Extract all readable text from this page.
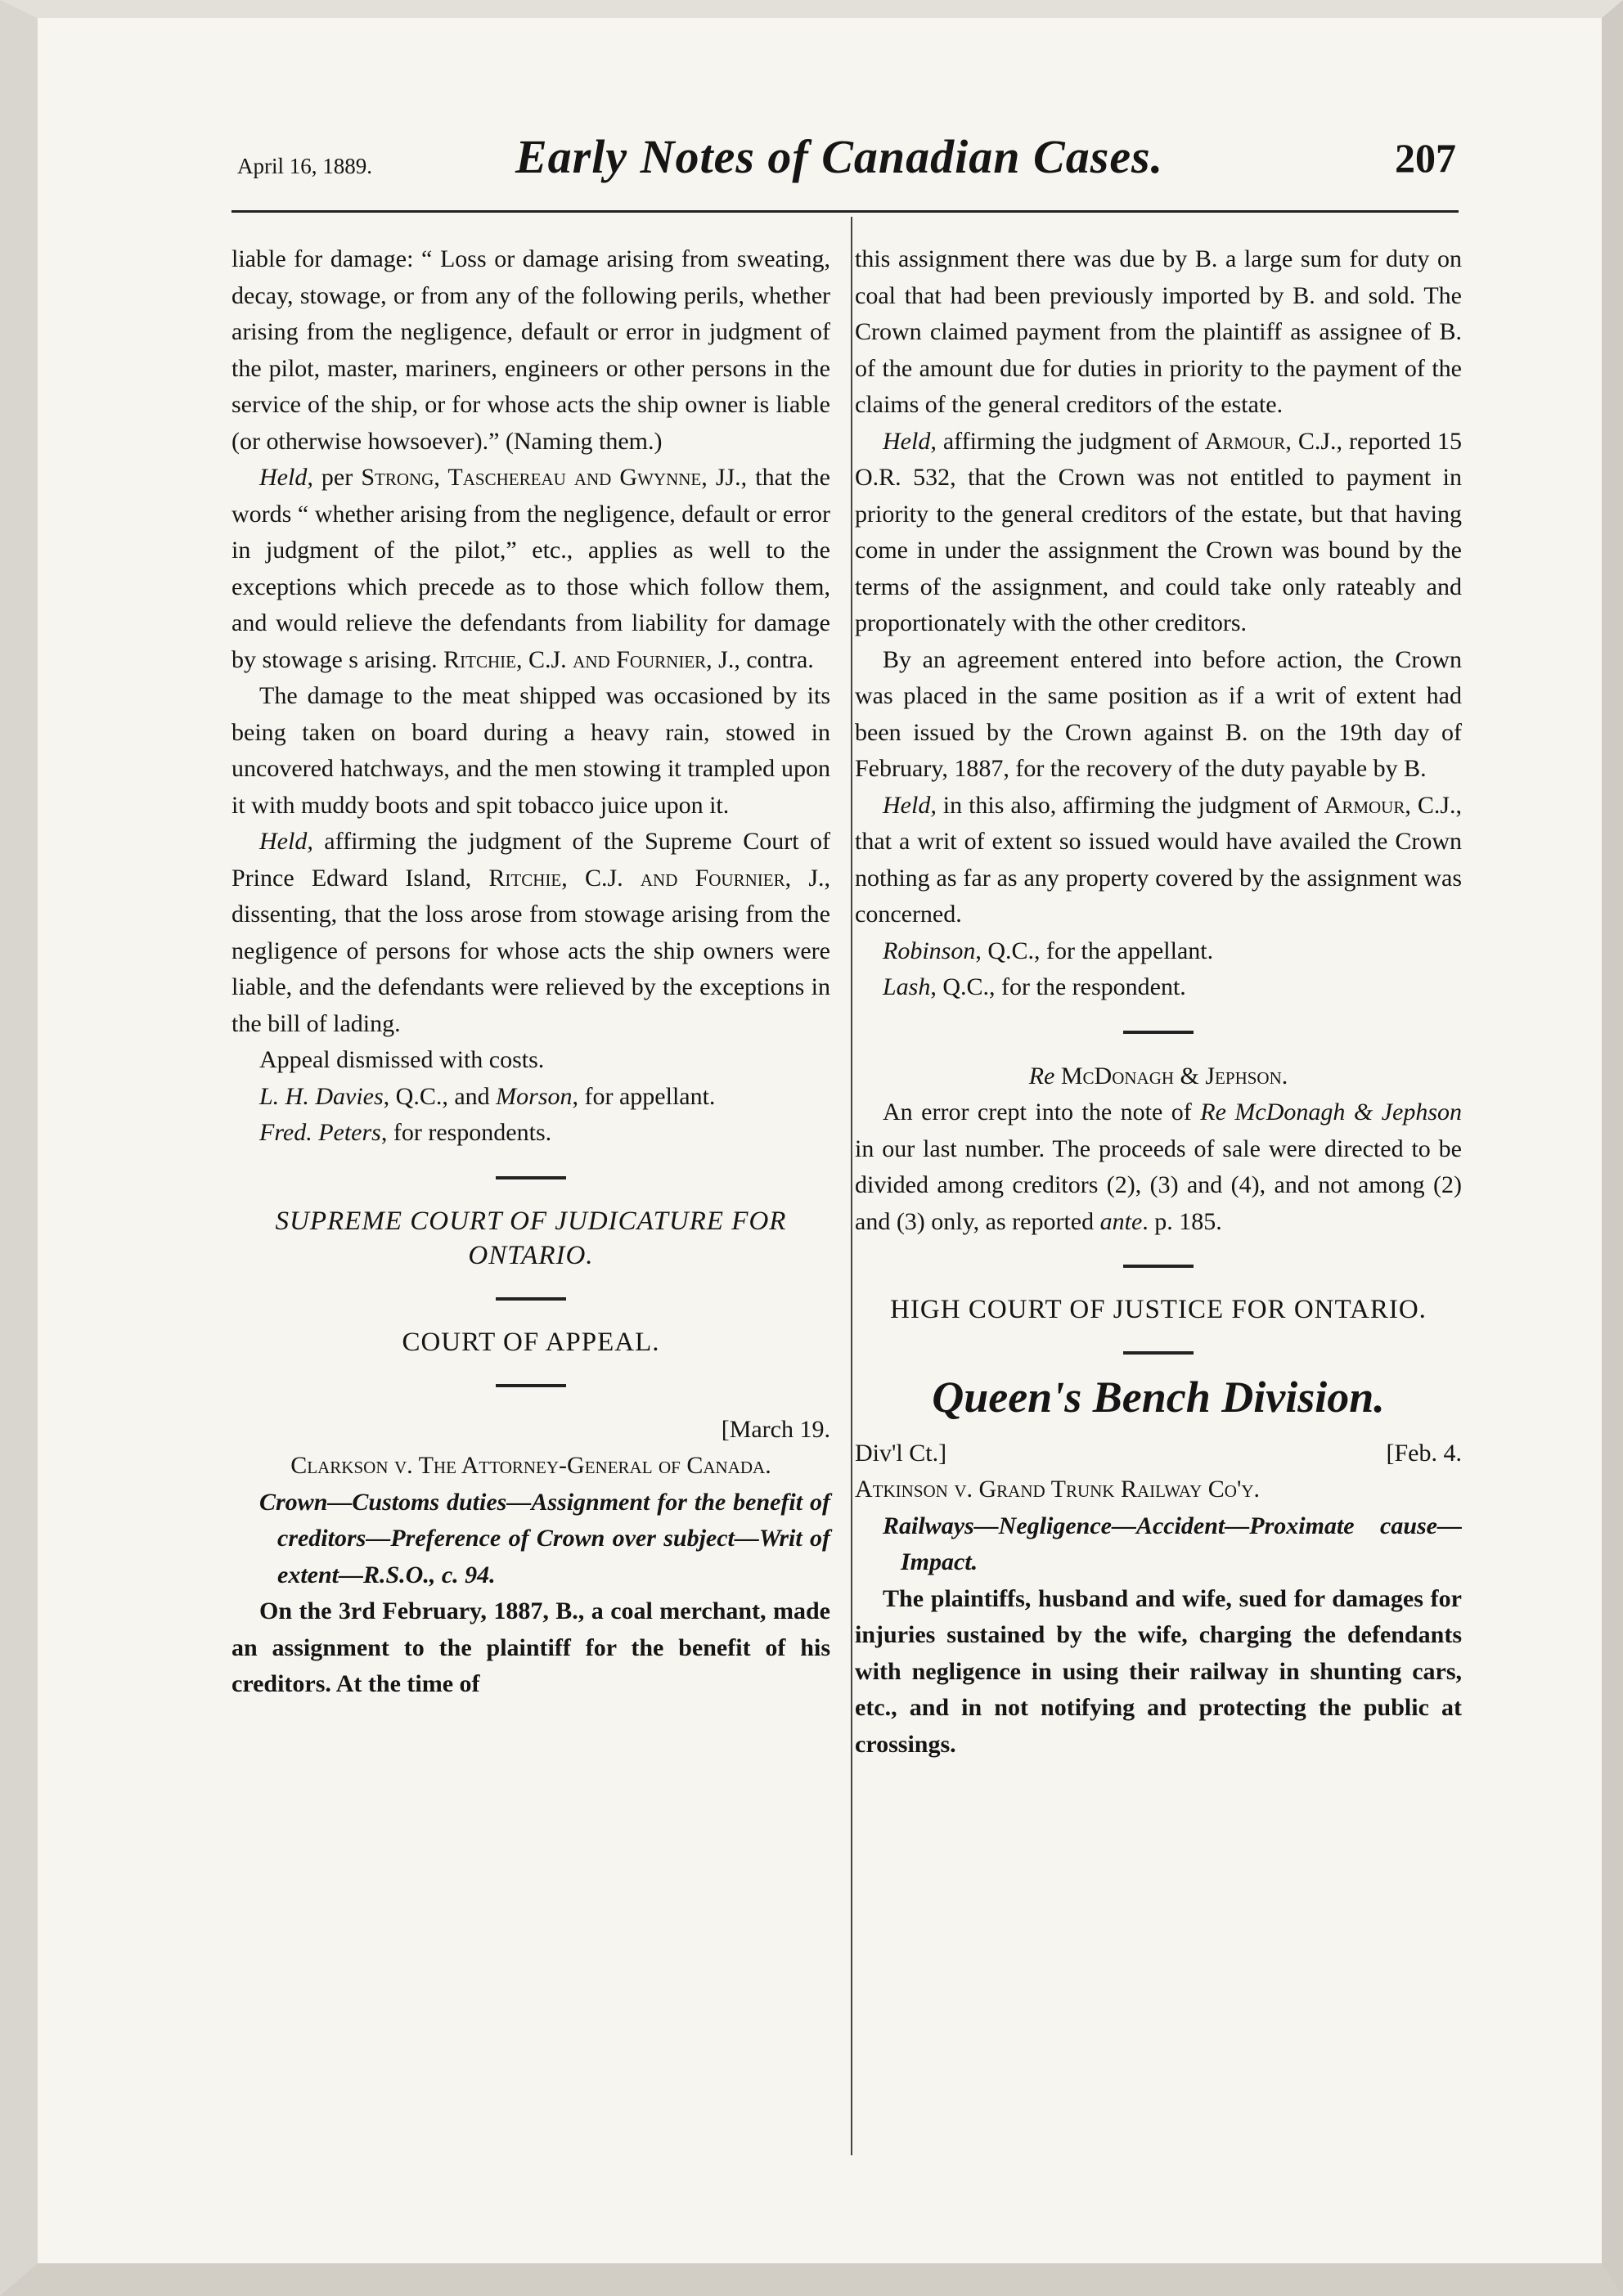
April 16, 1889.	Early Notes of Canadian Cases.	207

liable for damage: “ Loss or damage arising from sweating, decay, stowage, or from any of the following perils, whether arising from the negligence, default or error in judgment of the pilot, master, mariners, engineers or other persons in the service of the ship, or for whose acts the ship owner is liable (or otherwise howsoever).” (Naming them.)

Held, per Strong, Taschereau and Gwynne, JJ., that the words “ whether arising from the negligence, default or error in judgment of the pilot,” etc., applies as well to the exceptions which precede as to those which follow them, and would relieve the defendants from liability for damage by stowage s arising. Ritchie, C.J. and Fournier, J., contra.

The damage to the meat shipped was occasioned by its being taken on board during a heavy rain, stowed in uncovered hatchways, and the men stowing it trampled upon it with muddy boots and spit tobacco juice upon it.

Held, affirming the judgment of the Supreme Court of Prince Edward Island, Ritchie, C.J. and Fournier, J., dissenting, that the loss arose from stowage arising from the negligence of persons for whose acts the ship owners were liable, and the defendants were relieved by the exceptions in the bill of lading.

Appeal dismissed with costs.

L. H. Davies, Q.C., and Morson, for appellant.

Fred. Peters, for respondents.

SUPREME COURT OF JUDICATURE FOR ONTARIO.
COURT OF APPEAL.

[March 19.

Clarkson v. The Attorney-General of Canada.

Crown—Customs duties—Assignment for the benefit of creditors—Preference of Crown over subject—Writ of extent—R.S.O., c. 94.

On the 3rd February, 1887, B., a coal merchant, made an assignment to the plaintiff for the benefit of his creditors. At the time of

this assignment there was due by B. a large sum for duty on coal that had been previously imported by B. and sold. The Crown claimed payment from the plaintiff as assignee of B. of the amount due for duties in priority to the payment of the claims of the general creditors of the estate.

Held, affirming the judgment of Armour, C.J., reported 15 O.R. 532, that the Crown was not entitled to payment in priority to the general creditors of the estate, but that having come in under the assignment the Crown was bound by the terms of the assignment, and could take only rateably and proportionately with the other creditors.

By an agreement entered into before action, the Crown was placed in the same position as if a writ of extent had been issued by the Crown against B. on the 19th day of February, 1887, for the recovery of the duty payable by B.

Held, in this also, affirming the judgment of Armour, C.J., that a writ of extent so issued would have availed the Crown nothing as far as any property covered by the assignment was concerned.

Robinson, Q.C., for the appellant.

Lash, Q.C., for the respondent.

Re McDonagh & Jephson.

An error crept into the note of Re McDonagh & Jephson in our last number. The proceeds of sale were directed to be divided among creditors (2), (3) and (4), and not among (2) and (3) only, as reported ante. p. 185.

HIGH COURT OF JUSTICE FOR ONTARIO.
Queen's Bench Division.
Div'l Ct.]	[Feb. 4.

Atkinson v. Grand Trunk Railway Co'y.

Railways—Negligence—Accident—Proximate cause—Impact.

The plaintiffs, husband and wife, sued for damages for injuries sustained by the wife, charging the defendants with negligence in using their railway in shunting cars, etc., and in not notifying and protecting the public at crossings.
